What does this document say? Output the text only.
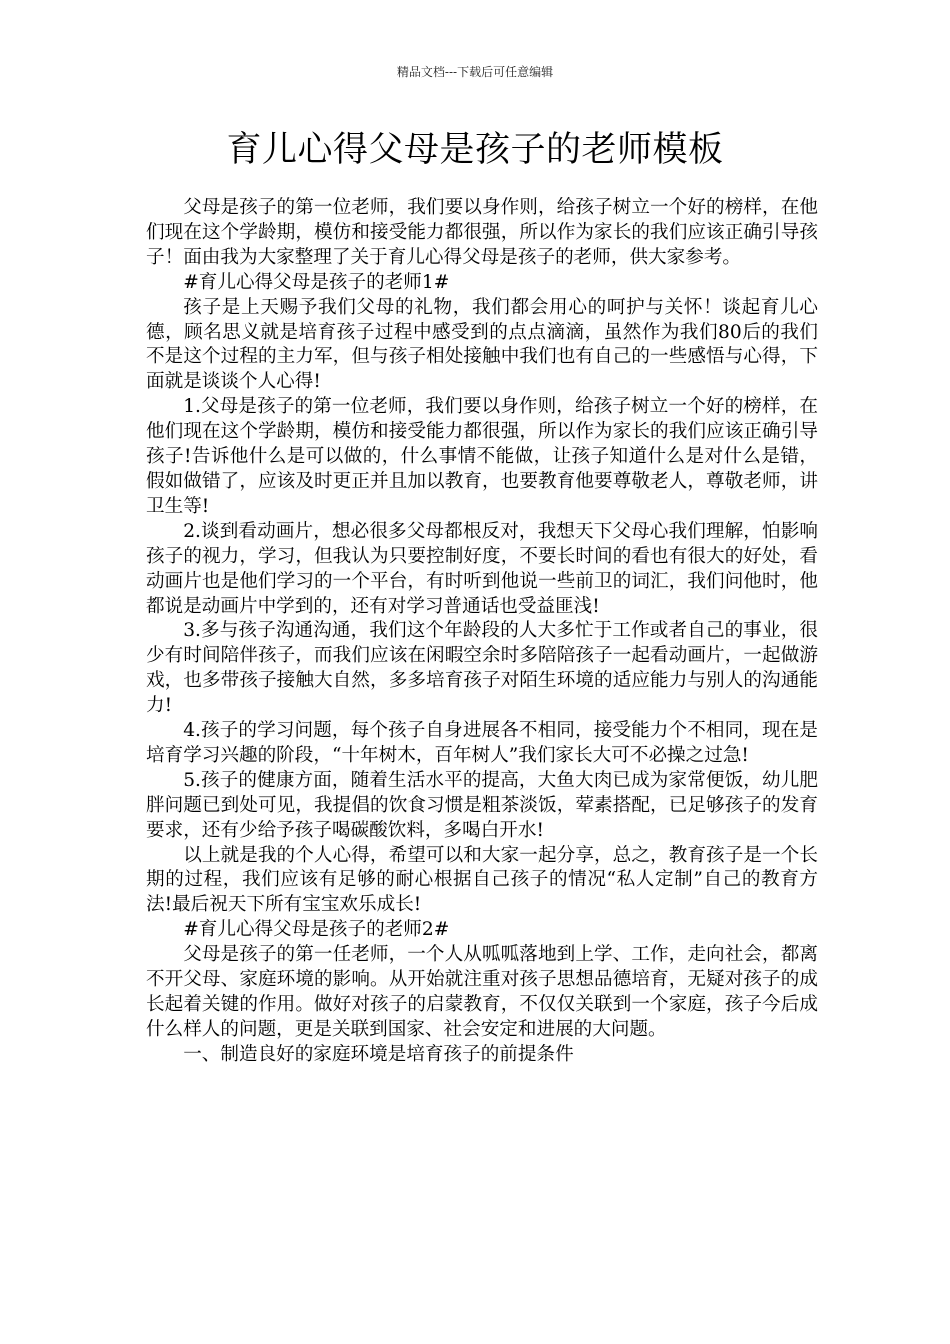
精品文档---下载后可任意编辑
育儿心得父母是孩子的老师模板

父母是孩子的第一位老师，我们要以身作则，给孩子树立一个好的榜样，在他们现在这个学龄期，模仿和接受能力都很强，所以作为家长的我们应该正确引导孩子！面由我为大家整理了关于育儿心得父母是孩子的老师，供大家参考。

#育儿心得父母是孩子的老师1#

孩子是上天赐予我们父母的礼物，我们都会用心的呵护与关怀！谈起育儿心德，顾名思义就是培育孩子过程中感受到的点点滴滴，虽然作为我们80后的我们不是这个过程的主力军，但与孩子相处接触中我们也有自己的一些感悟与心得，下面就是谈谈个人心得!

1.父母是孩子的第一位老师，我们要以身作则，给孩子树立一个好的榜样，在他们现在这个学龄期，模仿和接受能力都很强，所以作为家长的我们应该正确引导孩子!告诉他什么是可以做的，什么事情不能做，让孩子知道什么是对什么是错，假如做错了，应该及时更正并且加以教育，也要教育他要尊敬老人，尊敬老师，讲卫生等!

2.谈到看动画片，想必很多父母都根反对，我想天下父母心我们理解，怕影响孩子的视力，学习，但我认为只要控制好度，不要长时间的看也有很大的好处，看动画片也是他们学习的一个平台，有时听到他说一些前卫的词汇，我们问他时，他都说是动画片中学到的，还有对学习普通话也受益匪浅!

3.多与孩子沟通沟通，我们这个年龄段的人大多忙于工作或者自己的事业，很少有时间陪伴孩子，而我们应该在闲暇空余时多陪陪孩子一起看动画片，一起做游戏，也多带孩子接触大自然，多多培育孩子对陌生环境的适应能力与别人的沟通能力!

4.孩子的学习问题，每个孩子自身进展各不相同，接受能力个不相同，现在是培育学习兴趣的阶段，“十年树木，百年树人”我们家长大可不必操之过急!

5.孩子的健康方面，随着生活水平的提高，大鱼大肉已成为家常便饭，幼儿肥胖问题已到处可见，我提倡的饮食习惯是粗茶淡饭，荤素搭配，已足够孩子的发育要求，还有少给予孩子喝碳酸饮料，多喝白开水!

以上就是我的个人心得，希望可以和大家一起分享，总之，教育孩子是一个长期的过程，我们应该有足够的耐心根据自己孩子的情况“私人定制”自己的教育方法!最后祝天下所有宝宝欢乐成长!

#育儿心得父母是孩子的老师2#

父母是孩子的第一任老师，一个人从呱呱落地到上学、工作，走向社会，都离不开父母、家庭环境的影响。从开始就注重对孩子思想品德培育，无疑对孩子的成长起着关键的作用。做好对孩子的启蒙教育，不仅仅关联到一个家庭，孩子今后成什么样人的问题，更是关联到国家、社会安定和进展的大问题。

一、制造良好的家庭环境是培育孩子的前提条件
